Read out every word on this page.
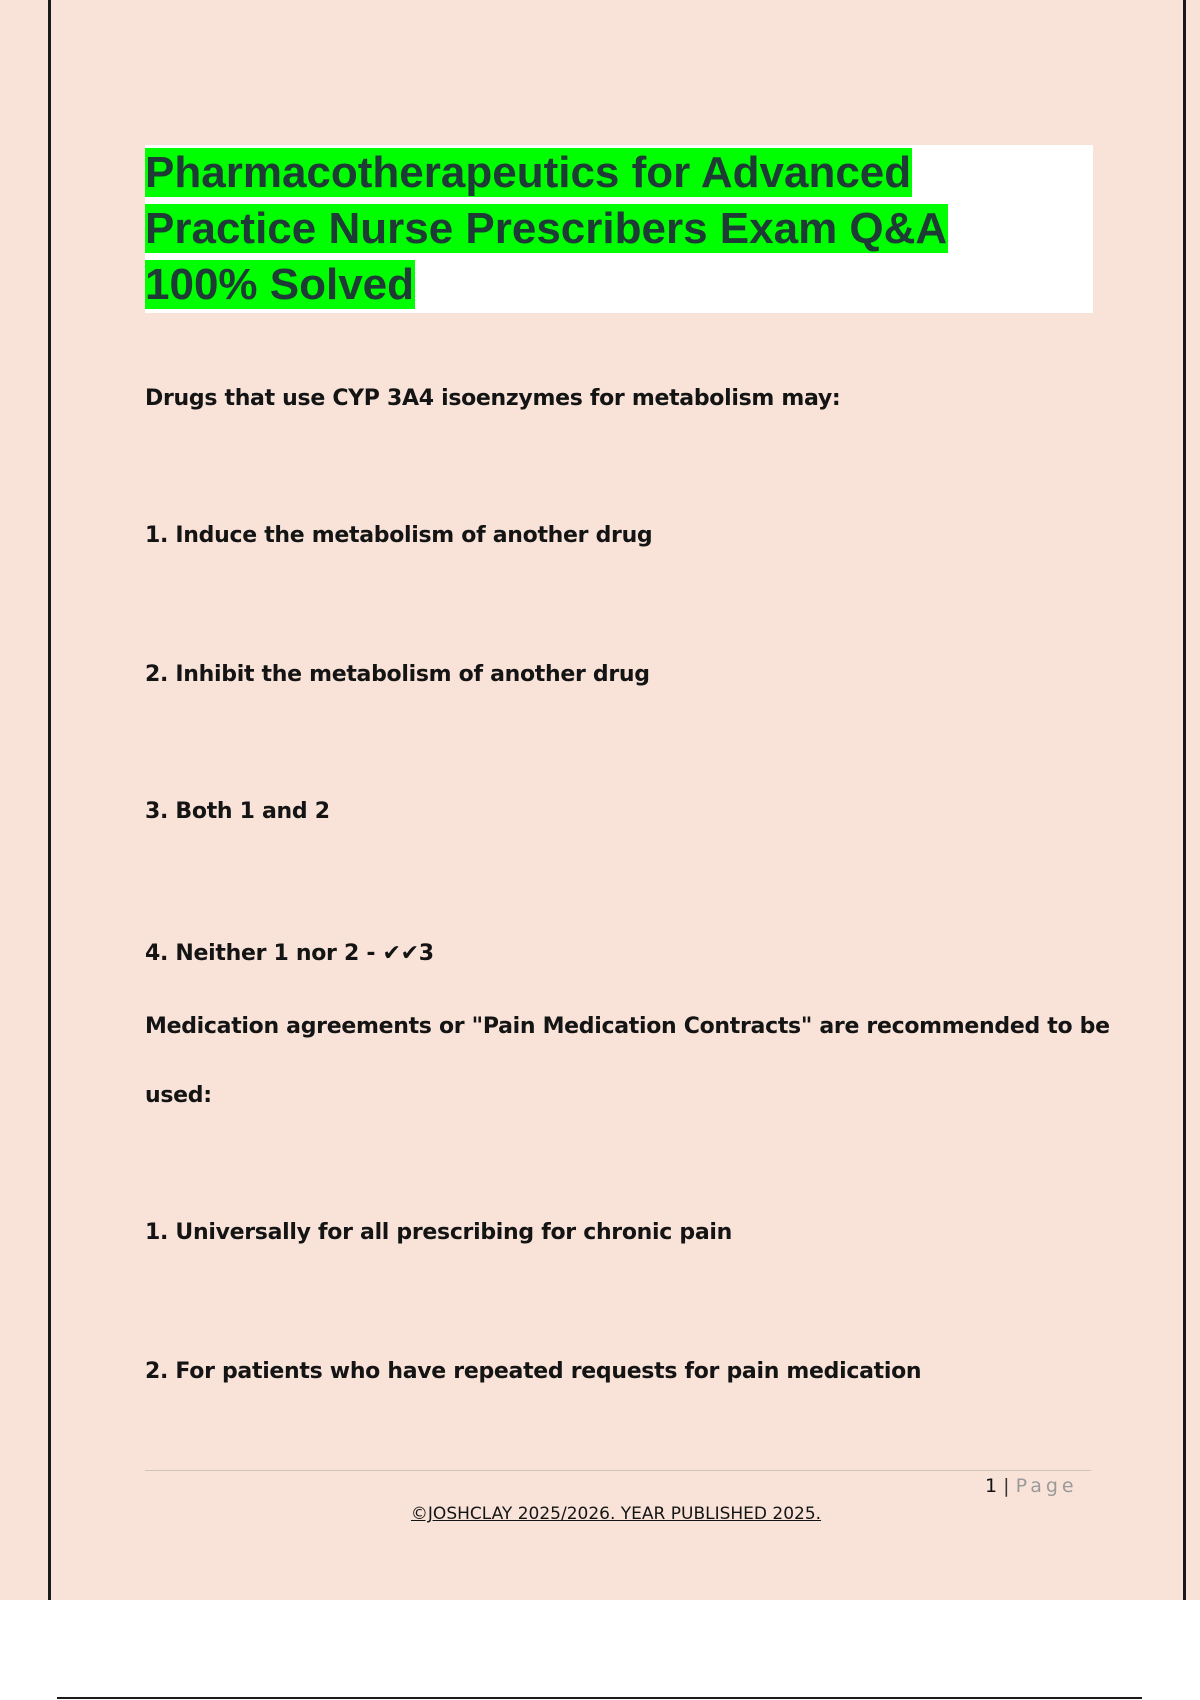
Pharmacotherapeutics for Advanced
Practice Nurse Prescribers Exam Q&A
100% Solved

Drugs that use CYP 3A4 isoenzymes for metabolism may:

1. Induce the metabolism of another drug

2. Inhibit the metabolism of another drug

3. Both 1 and 2

4. Neither 1 nor 2 - ✔✔3

Medication agreements or "Pain Medication Contracts" are recommended to be

used:

1. Universally for all prescribing for chronic pain

2. For patients who have repeated requests for pain medication

1 | Page
©JOSHCLAY 2025/2026. YEAR PUBLISHED 2025.
